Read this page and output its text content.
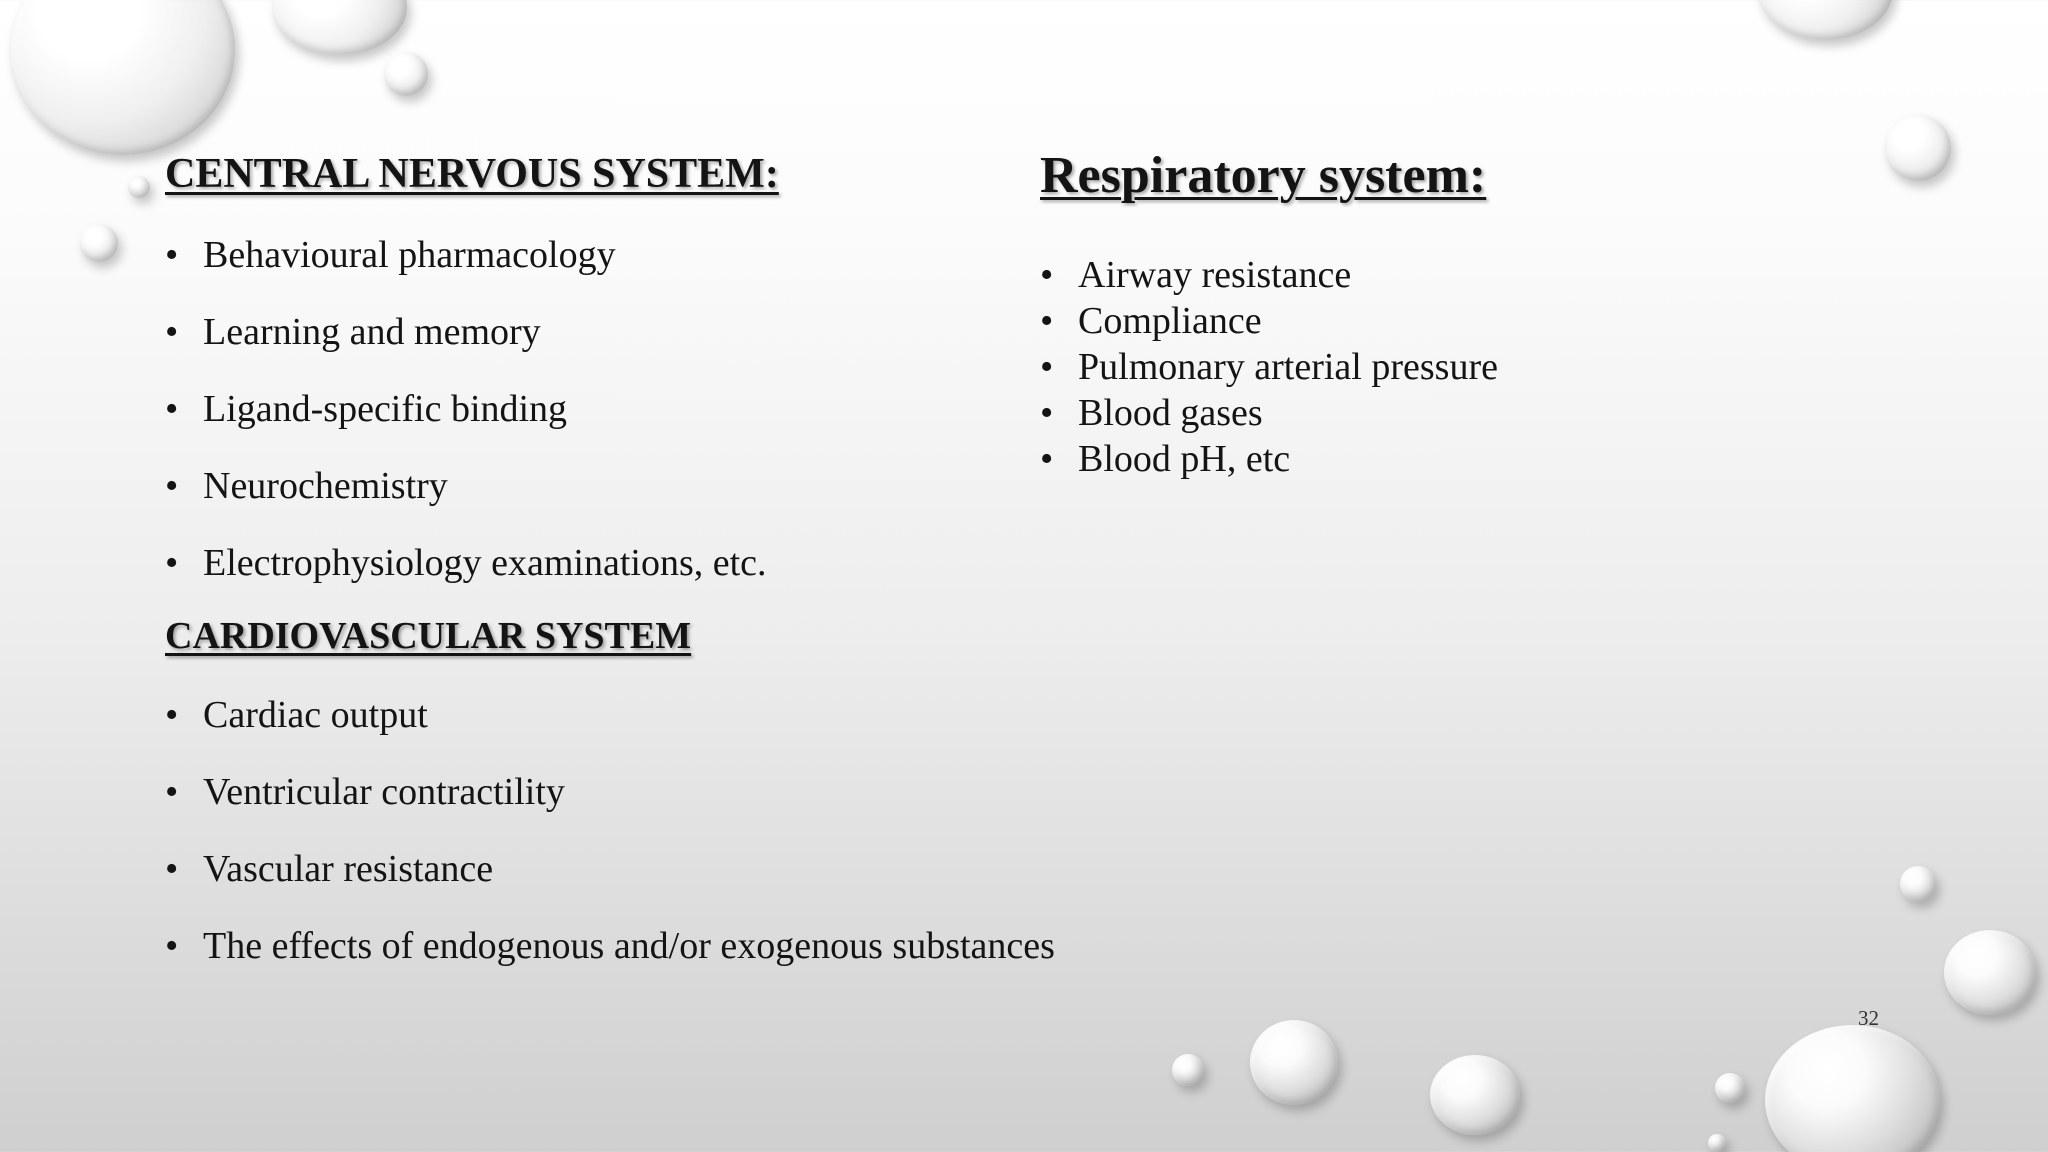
CENTRAL NERVOUS SYSTEM:
• Behavioural pharmacology
• Learning and memory
• Ligand-specific binding
• Neurochemistry
• Electrophysiology examinations, etc.
CARDIOVASCULAR SYSTEM
• Cardiac output
• Ventricular contractility
• Vascular resistance
• The effects of endogenous and/or exogenous substances
Respiratory system:
• Airway resistance
• Compliance
• Pulmonary arterial pressure
• Blood gases
• Blood pH, etc
32
